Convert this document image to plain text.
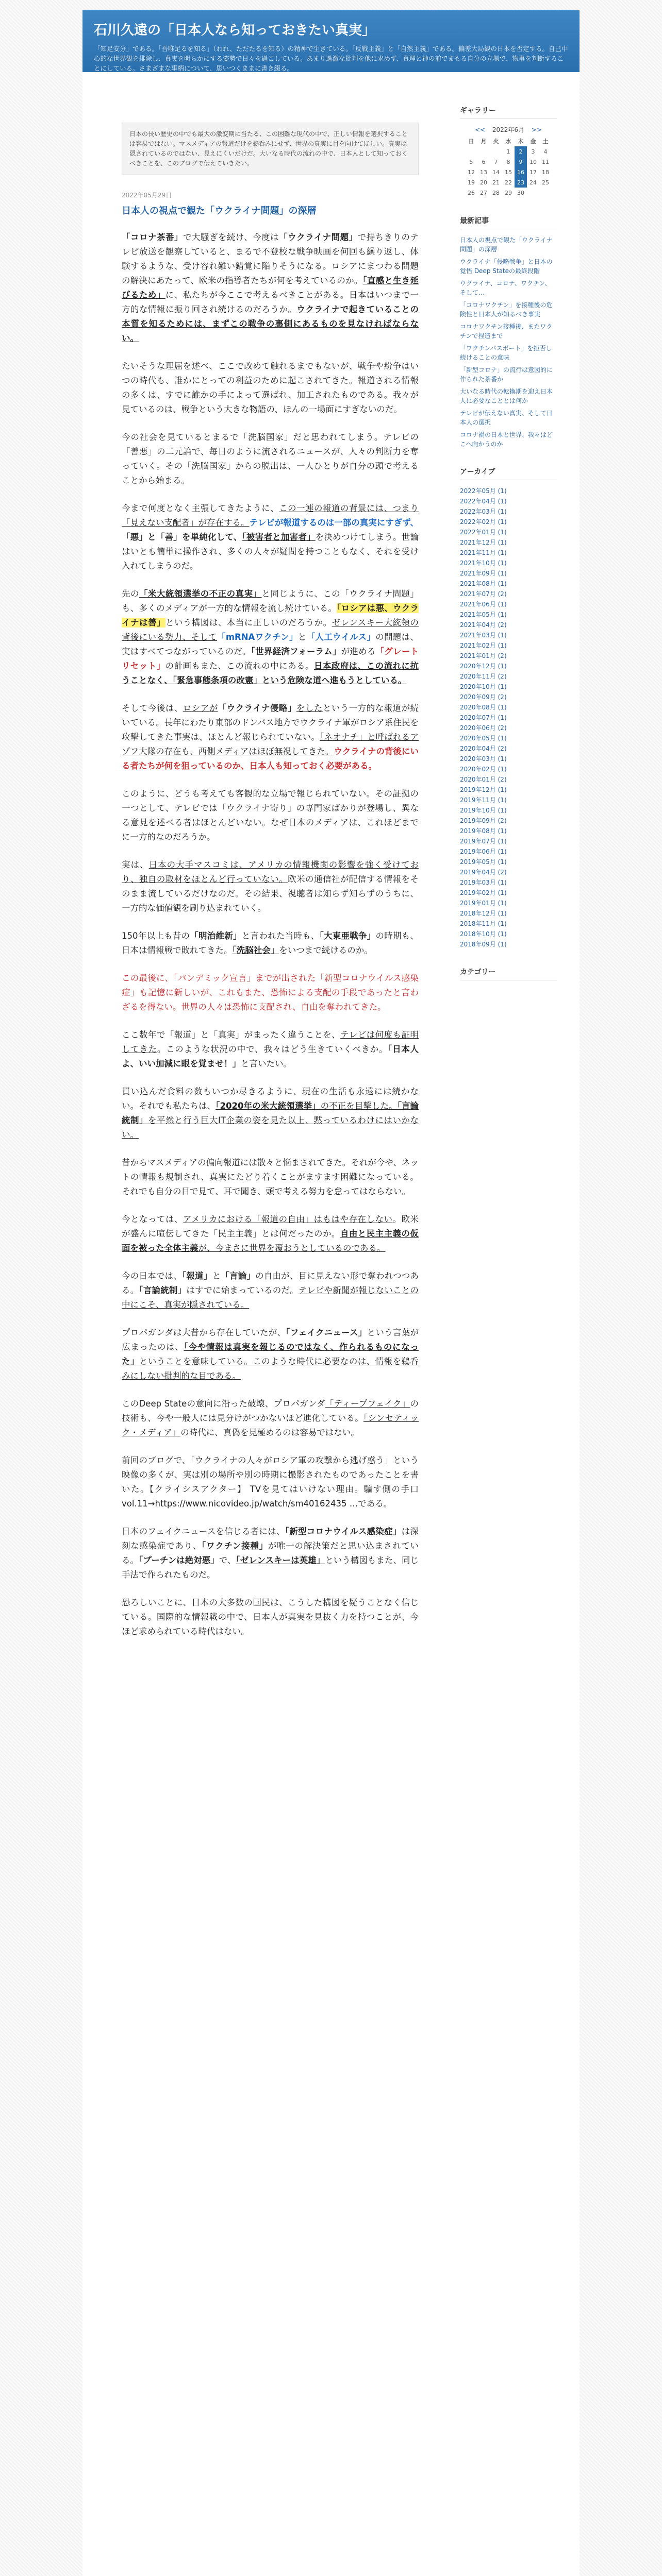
石川久遠の「日本人なら知っておきたい真実」

「知足安分」である。「吾唯足るを知る」（われ、ただたるを知る）の精神で生きている。「反戦主義」と「自然主義」である。偏差大局観の日本を否定する。自己中心的な世界観を排除し、真実を明らかにする姿勢で日々を過ごしている。あまり過激な批判を他に求めず、真理と神の前でまもる自分の立場で、物事を判断することにしている。さまざまな事柄について、思いつくままに書き綴る。

日本の長い歴史の中でも最大の激変期に当たる、この困難な現代の中で、正しい情報を選択することは容易ではない。マスメディアの報道だけを鵜呑みにせず、世界の真実に目を向けてほしい。真実は隠されているのではない、見えにくいだけだ。大いなる時代の流れの中で、日本人として知っておくべきことを、このブログで伝えていきたい。
2022年05月29日
日本人の視点で観た「ウクライナ問題」の深層

「コロナ茶番」で大騒ぎを続け、今度は「ウクライナ問題」で持ちきりのテレビ放送を観察していると、まるで不登校な戦争映画を何回も繰り返し、体験するような、受け容れ難い錯覚に陥りそうになる。ロシアにまつわる問題の解決にあたって、欧米の指導者たちが何を考えているのか。「直感と生き延びるため」に、私たちが今ここで考えるべきことがある。日本はいつまで一方的な情報に振り回され続けるのだろうか。ウクライナで起きていることの本質を知るためには、まずこの戦争の裏側にあるものを見なければならない。

たいそうな理屈を述べ、ここで改めて触れるまでもないが、戦争や紛争はいつの時代も、誰かにとっての利益のために起こされてきた。報道される情報の多くは、すでに誰かの手によって選ばれ、加工されたものである。我々が見ているのは、戦争という大きな物語の、ほんの一場面にすぎないのだ。

今の社会を見ているとまるで「洗脳国家」だと思われてしまう。テレビの「善悪」の二元論で、毎日のように流されるニュースが、人々の判断力を奪っていく。その「洗脳国家」からの脱出は、一人ひとりが自分の頭で考えることから始まる。

今まで何度となく主張してきたように、この一連の報道の背景には、つまり「見えない支配者」が存在する。テレビが報道するのは一部の真実にすぎず、「悪」と「善」を単純化して、「被害者と加害者」を決めつけてしまう。世論はいとも簡単に操作され、多くの人々が疑問を持つこともなく、それを受け入れてしまうのだ。

先の「米大統領選挙の不正の真実」と同じように、この「ウクライナ問題」も、多くのメディアが一方的な情報を流し続けている。「ロシアは悪、ウクライナは善」という構図は、本当に正しいのだろうか。ゼレンスキー大統領の背後にいる勢力、そして「mRNAワクチン」と「人工ウイルス」の問題は、実はすべてつながっているのだ。「世界経済フォーラム」が進める「グレートリセット」の計画もまた、この流れの中にある。日本政府は、この流れに抗うことなく、「緊急事態条項の改憲」という危険な道へ進もうとしている。

そして今後は、ロシアが「ウクライナ侵略」をしたという一方的な報道が続いている。長年にわたり東部のドンバス地方でウクライナ軍がロシア系住民を攻撃してきた事実は、ほとんど報じられていない。「ネオナチ」と呼ばれるアゾフ大隊の存在も、西側メディアはほぼ無視してきた。ウクライナの背後にいる者たちが何を狙っているのか、日本人も知っておく必要がある。

このように、どうも考えても客観的な立場で報じられていない。その証拠の一つとして、テレビでは「ウクライナ寄り」の専門家ばかりが登場し、異なる意見を述べる者はほとんどいない。なぜ日本のメディアは、これほどまでに一方的なのだろうか。

実は、日本の大手マスコミは、アメリカの情報機関の影響を強く受けており、独自の取材をほとんど行っていない。欧米の通信社が配信する情報をそのまま流しているだけなのだ。その結果、視聴者は知らず知らずのうちに、一方的な価値観を刷り込まれていく。

150年以上も昔の「明治維新」と言われた当時も、「大東亜戦争」の時期も、日本は情報戦で敗れてきた。「洗脳社会」をいつまで続けるのか。

この最後に、「パンデミック宣言」までが出された「新型コロナウイルス感染症」も記憶に新しいが、これもまた、恐怖による支配の手段であったと言わざるを得ない。世界の人々は恐怖に支配され、自由を奪われてきた。

ここ数年で「報道」と「真実」がまったく違うことを、テレビは何度も証明してきた。このような状況の中で、我々はどう生きていくべきか。「日本人よ、いい加減に眼を覚ませ！」と言いたい。

買い込んだ食料の数もいつか尽きるように、現在の生活も永遠には続かない。それでも私たちは、「2020年の米大統領選挙」の不正を目撃した。「言論統制」を平然と行う巨大IT企業の姿を見た以上、黙っているわけにはいかない。

昔からマスメディアの偏向報道には散々と悩まされてきた。それが今や、ネットの情報も規制され、真実にたどり着くことがますます困難になっている。それでも自分の目で見て、耳で聞き、頭で考える努力を怠ってはならない。

今となっては、アメリカにおける「報道の自由」はもはや存在しない。欧米が盛んに喧伝してきた「民主主義」とは何だったのか。自由と民主主義の仮面を被った全体主義が、今まさに世界を覆おうとしているのである。

今の日本では、「報道」と「言論」の自由が、目に見えない形で奪われつつある。「言論統制」はすでに始まっているのだ。テレビや新聞が報じないことの中にこそ、真実が隠されている。

プロパガンダは大昔から存在していたが、「フェイクニュース」という言葉が広まったのは、「今や情報は真実を報じるのではなく、作られるものになった」ということを意味している。このような時代に必要なのは、情報を鵜呑みにしない批判的な目である。

このDeep Stateの意向に沿った破壊、プロパガンダ「ディープフェイク」の技術も、今や一般人には見分けがつかないほど進化している。「シンセティック・メディア」の時代に、真偽を見極めるのは容易ではない。

前回のブログで、「ウクライナの人々がロシア軍の攻撃から逃げ惑う」という映像の多くが、実は別の場所や別の時期に撮影されたものであったことを書いた。【クライシスアクター】 TVを見てはいけない理由。騙す側の手口 vol.11→https://www.nicovideo.jp/watch/sm40162435 …である。

日本のフェイクニュースを信じる者には、「新型コロナウイルス感染症」は深刻な感染症であり、「ワクチン接種」が唯一の解決策だと思い込まされている。「プーチンは絶対悪」で、「ゼレンスキーは英雄」という構図もまた、同じ手法で作られたものだ。

恐ろしいことに、日本の大多数の国民は、こうした構図を疑うことなく信じている。国際的な情報戦の中で、日本人が真実を見抜く力を持つことが、今ほど求められている時代はない。

ギャラリー
<< 2022年6月 >>
日	月	火	水	木	金	土
			1	2	3	4
5	6	7	8	9	10	11
12	13	14	15	16	17	18
19	20	21	22	23	24	25
26	27	28	29	30		
最新記事
日本人の視点で観た「ウクライナ問題」の深層
ウクライナ「侵略戦争」と日本の覚悟 Deep Stateの最終段階
ウクライナ、コロナ、ワクチン、そして…
「コロナワクチン」を接種後の危険性と日本人が知るべき事実
コロナワクチン接種後、またワクチンで捏造まで
「ワクチンパスポート」を拒否し続けることの意味
「新型コロナ」の流行は意図的に作られた茶番か
大いなる時代の転換期を迎え日本人に必要なこととは何か
テレビが伝えない真実、そして日本人の選択
コロナ禍の日本と世界、我々はどこへ向かうのか
アーカイブ
2022年05月 (1)
2022年04月 (1)
2022年03月 (1)
2022年02月 (1)
2022年01月 (1)
2021年12月 (1)
2021年11月 (1)
2021年10月 (1)
2021年09月 (1)
2021年08月 (1)
2021年07月 (2)
2021年06月 (1)
2021年05月 (1)
2021年04月 (2)
2021年03月 (1)
2021年02月 (1)
2021年01月 (2)
2020年12月 (1)
2020年11月 (2)
2020年10月 (1)
2020年09月 (2)
2020年08月 (1)
2020年07月 (1)
2020年06月 (2)
2020年05月 (1)
2020年04月 (2)
2020年03月 (1)
2020年02月 (1)
2020年01月 (2)
2019年12月 (1)
2019年11月 (1)
2019年10月 (1)
2019年09月 (2)
2019年08月 (1)
2019年07月 (1)
2019年06月 (1)
2019年05月 (1)
2019年04月 (2)
2019年03月 (1)
2019年02月 (1)
2019年01月 (1)
2018年12月 (1)
2018年11月 (1)
2018年10月 (1)
2018年09月 (1)
カテゴリー
